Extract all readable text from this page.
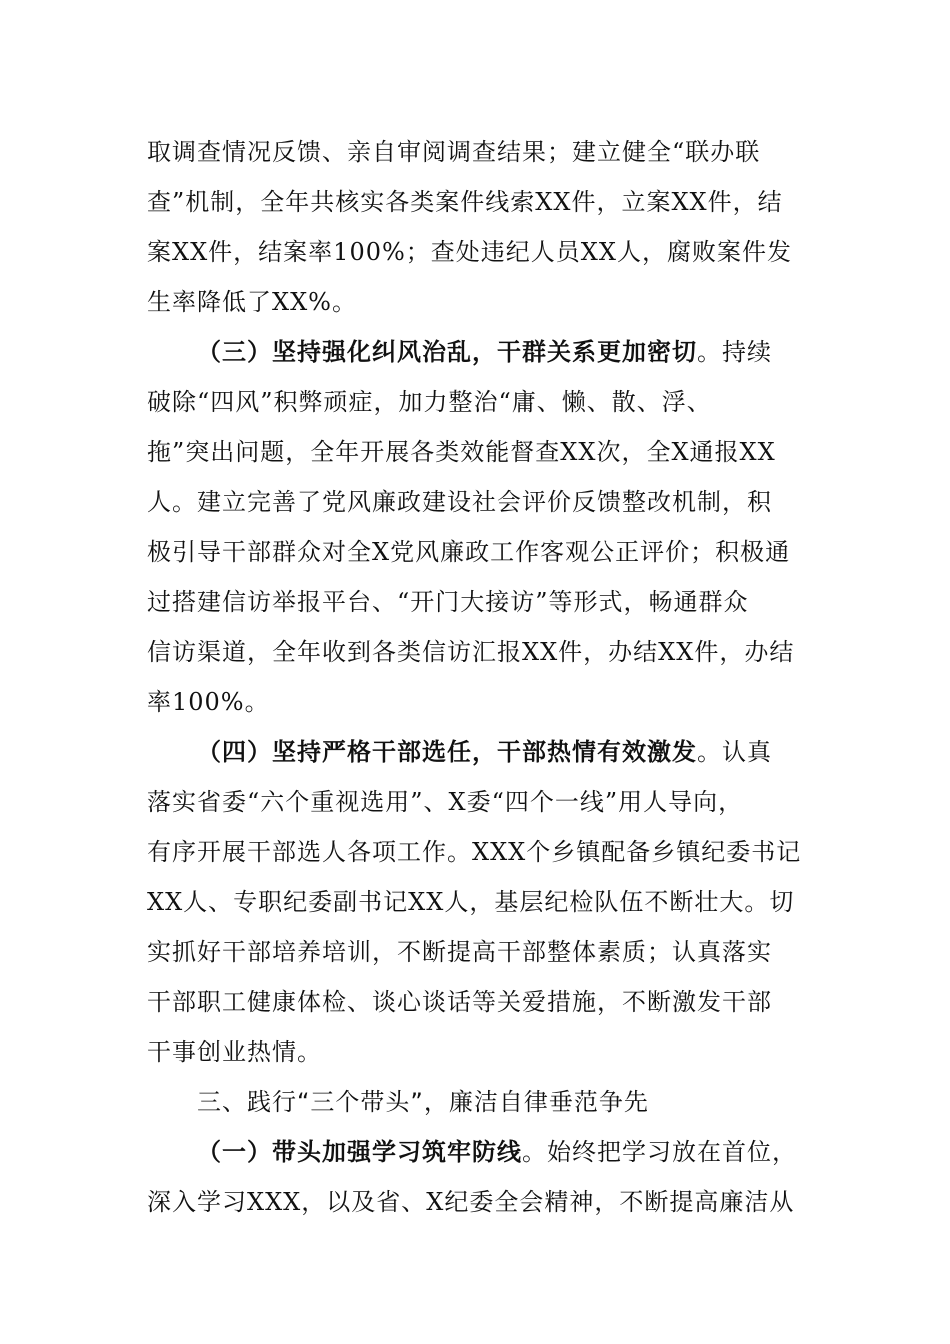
取调查情况反馈、亲自审阅调查结果；建立健全“联办联
查”机制，全年共核实各类案件线索XX件，立案XX件，结
案XX件，结案率100%；查处违纪人员XX人，腐败案件发
生率降低了XX%。
（三）坚持强化纠风治乱，干群关系更加密切。持续
破除“四风”积弊顽症，加力整治“庸、懒、散、浮、
拖”突出问题，全年开展各类效能督查XX次，全X通报XX
人。建立完善了党风廉政建设社会评价反馈整改机制，积
极引导干部群众对全X党风廉政工作客观公正评价；积极通
过搭建信访举报平台、“开门大接访”等形式，畅通群众
信访渠道，全年收到各类信访汇报XX件，办结XX件，办结
率100%。
（四）坚持严格干部选任，干部热情有效激发。认真
落实省委“六个重视选用”、X委“四个一线”用人导向，
有序开展干部选人各项工作。XXX个乡镇配备乡镇纪委书记
XX人、专职纪委副书记XX人，基层纪检队伍不断壮大。切
实抓好干部培养培训，不断提高干部整体素质；认真落实
干部职工健康体检、谈心谈话等关爱措施，不断激发干部
干事创业热情。
三、践行“三个带头”，廉洁自律垂范争先
（一）带头加强学习筑牢防线。始终把学习放在首位，
深入学习XXX，以及省、X纪委全会精神，不断提高廉洁从
